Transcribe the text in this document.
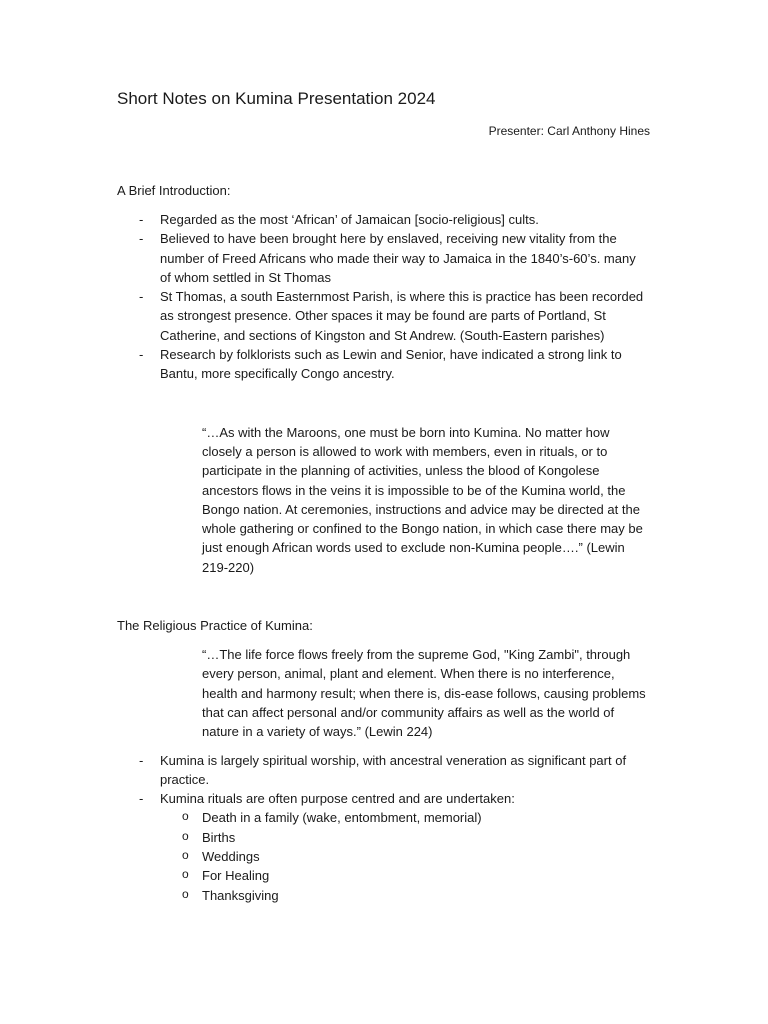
Short Notes on Kumina Presentation 2024
Presenter: Carl Anthony Hines

A Brief Introduction:

- Regarded as the most ‘African’ of Jamaican [socio-religious] cults.
- Believed to have been brought here by enslaved, receiving new vitality from the number of Freed Africans who made their way to Jamaica in the 1840’s-60’s. many of whom settled in St Thomas
- St Thomas, a south Easternmost Parish, is where this is practice has been recorded as strongest presence. Other spaces it may be found are parts of Portland, St Catherine, and sections of Kingston and St Andrew. (South-Eastern parishes)
- Research by folklorists such as Lewin and Senior, have indicated a strong link to Bantu, more specifically Congo ancestry.

“…As with the Maroons, one must be born into Kumina. No matter how closely a person is allowed to work with members, even in rituals, or to participate in the planning of activities, unless the blood of Kongolese ancestors flows in the veins it is impossible to be of the Kumina world, the Bongo nation. At ceremonies, instructions and advice may be directed at the whole gathering or confined to the Bongo nation, in which case there may be just enough African words used to exclude non-Kumina people….” (Lewin 219-220)

The Religious Practice of Kumina:

“…The life force flows freely from the supreme God, "King Zambi", through every person, animal, plant and element. When there is no interference, health and harmony result; when there is, dis-ease follows, causing problems that can affect personal and/or community affairs as well as the world of nature in a variety of ways.” (Lewin 224)

- Kumina is largely spiritual worship, with ancestral veneration as significant part of practice.
- Kumina rituals are often purpose centred and are undertaken:
o Death in a family (wake, entombment, memorial)
o Births
o Weddings
o For Healing
o Thanksgiving
